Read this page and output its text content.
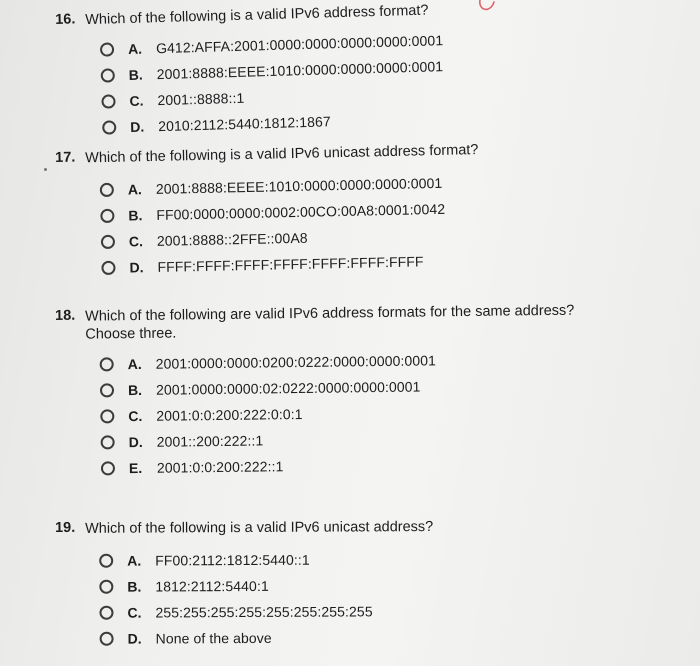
16. Which of the following is a valid IPv6 address format?
A. G412:AFFA:2001:0000:0000:0000:0000:0001
B. 2001:8888:EEEE:1010:0000:0000:0000:0001
C. 2001::8888::1
D. 2010:2112:5440:1812:1867
17. Which of the following is a valid IPv6 unicast address format?
A. 2001:8888:EEEE:1010:0000:0000:0000:0001
B. FF00:0000:0000:0002:00CO:00A8:0001:0042
C. 2001:8888::2FFE::00A8
D. FFFF:FFFF:FFFF:FFFF:FFFF:FFFF:FFFF
18. Which of the following are valid IPv6 address formats for the same address?
Choose three.
A. 2001:0000:0000:0200:0222:0000:0000:0001
B. 2001:0000:0000:02:0222:0000:0000:0001
C. 2001:0:0:200:222:0:0:1
D. 2001::200:222::1
E.	2001:0:0:200:222::1
19. Which of the following is a valid IPv6 unicast address?
A. FF00:2112:1812:5440::1
B. 1812:2112:5440:1
C. 255:255:255:255:255:255:255:255
D. None of the above
